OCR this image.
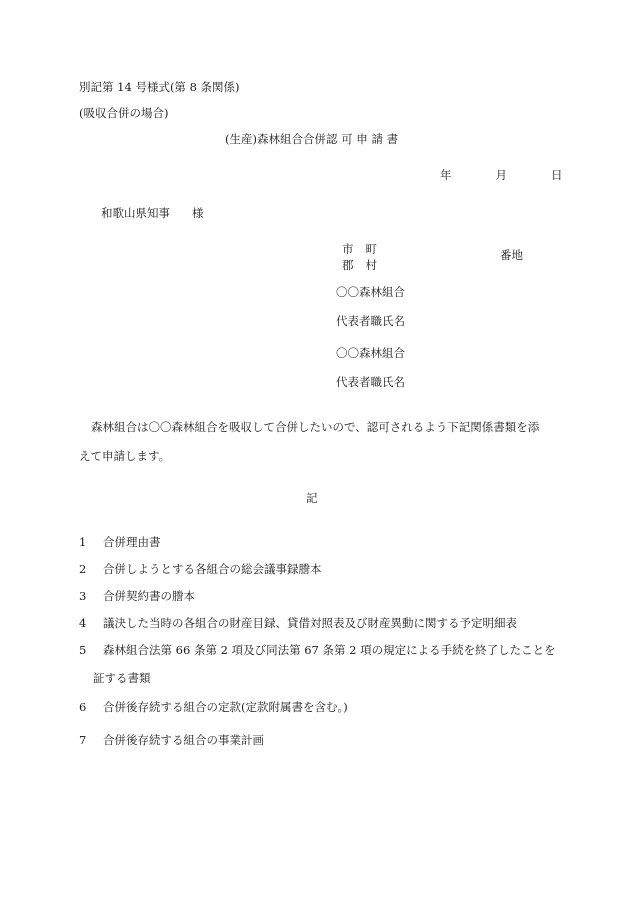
別記第 14 号様式(第 8 条関係)
(吸収合併の場合)
(生産)森林組合合併認 可 申 請 書
年	月	日
和歌山県知事 様
市 町
郡 村
番地
〇〇森林組合
代表者職氏名
〇〇森林組合
代表者職氏名
森林組合は〇〇森林組合を吸収して合併したいので、認可されるよう下記関係書類を添えて申請します。
記
1 合併理由書
2 合併しようとする各組合の総会議事録謄本
3 合併契約書の謄本
4 議決した当時の各組合の財産目録、貸借対照表及び財産異動に関する予定明細表
5 森林組合法第 66 条第 2 項及び同法第 67 条第 2 項の規定による手続を終了したことを
証する書類
6 合併後存続する組合の定款(定款附属書を含む。)
7 合併後存続する組合の事業計画
